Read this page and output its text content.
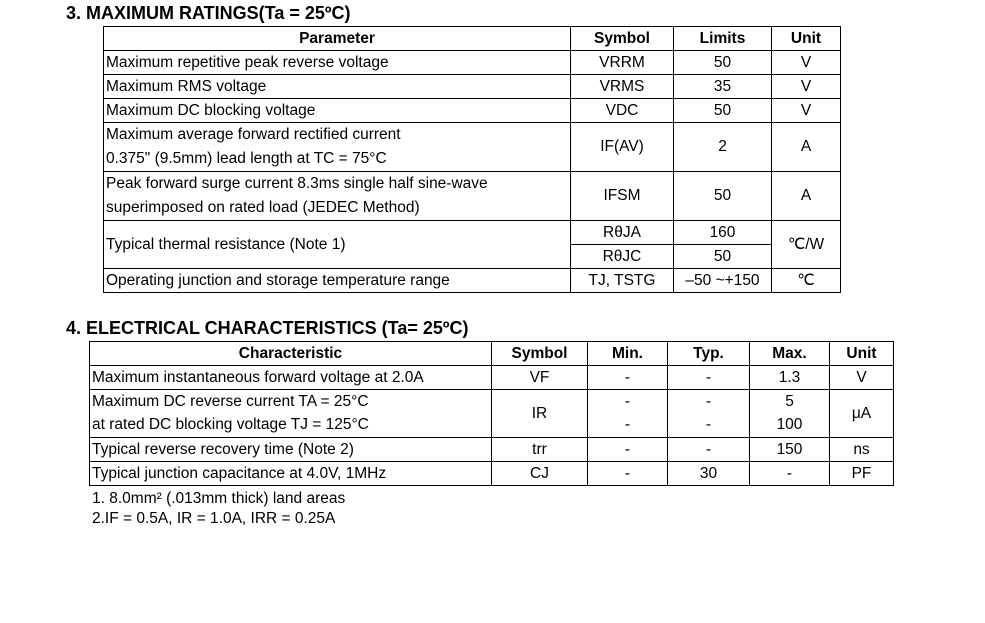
3. MAXIMUM RATINGS(Ta = 25ºC)
Parameter	Symbol	Limits	Unit
Maximum repetitive peak reverse voltage	VRRM	50	V
Maximum RMS voltage	VRMS	35	V
Maximum DC blocking voltage	VDC	50	V

Maximum average forward rectified current
0.375" (9.5mm) lead length at TC = 75°C	IF(AV)	2	A

Peak forward surge current 8.3ms single half sine-wave
superimposed on rated load (JEDEC Method)	IFSM	50	A
Typical thermal resistance (Note 1)	RθJA	160	℃/W
	RθJC	50	
Operating junction and storage temperature range	TJ, TSTG	–50 ~+150	℃
4. ELECTRICAL CHARACTERISTICS (Ta= 25ºC)
Characteristic	Symbol	Min.	Typ.	Max.	Unit
Maximum instantaneous forward voltage at 2.0A	VF	-	-	1.3	V
Maximum DC reverse current TA = 25°C	IR	-	-	5	μA
at rated DC blocking voltage TJ = 125°C		-	-	100	
Typical reverse recovery time (Note 2)	trr	-	-	150	ns
Typical junction capacitance at 4.0V, 1MHz	CJ	-	30	-	PF
1. 8.0mm² (.013mm thick) land areas
2.IF = 0.5A, IR = 1.0A, IRR = 0.25A
